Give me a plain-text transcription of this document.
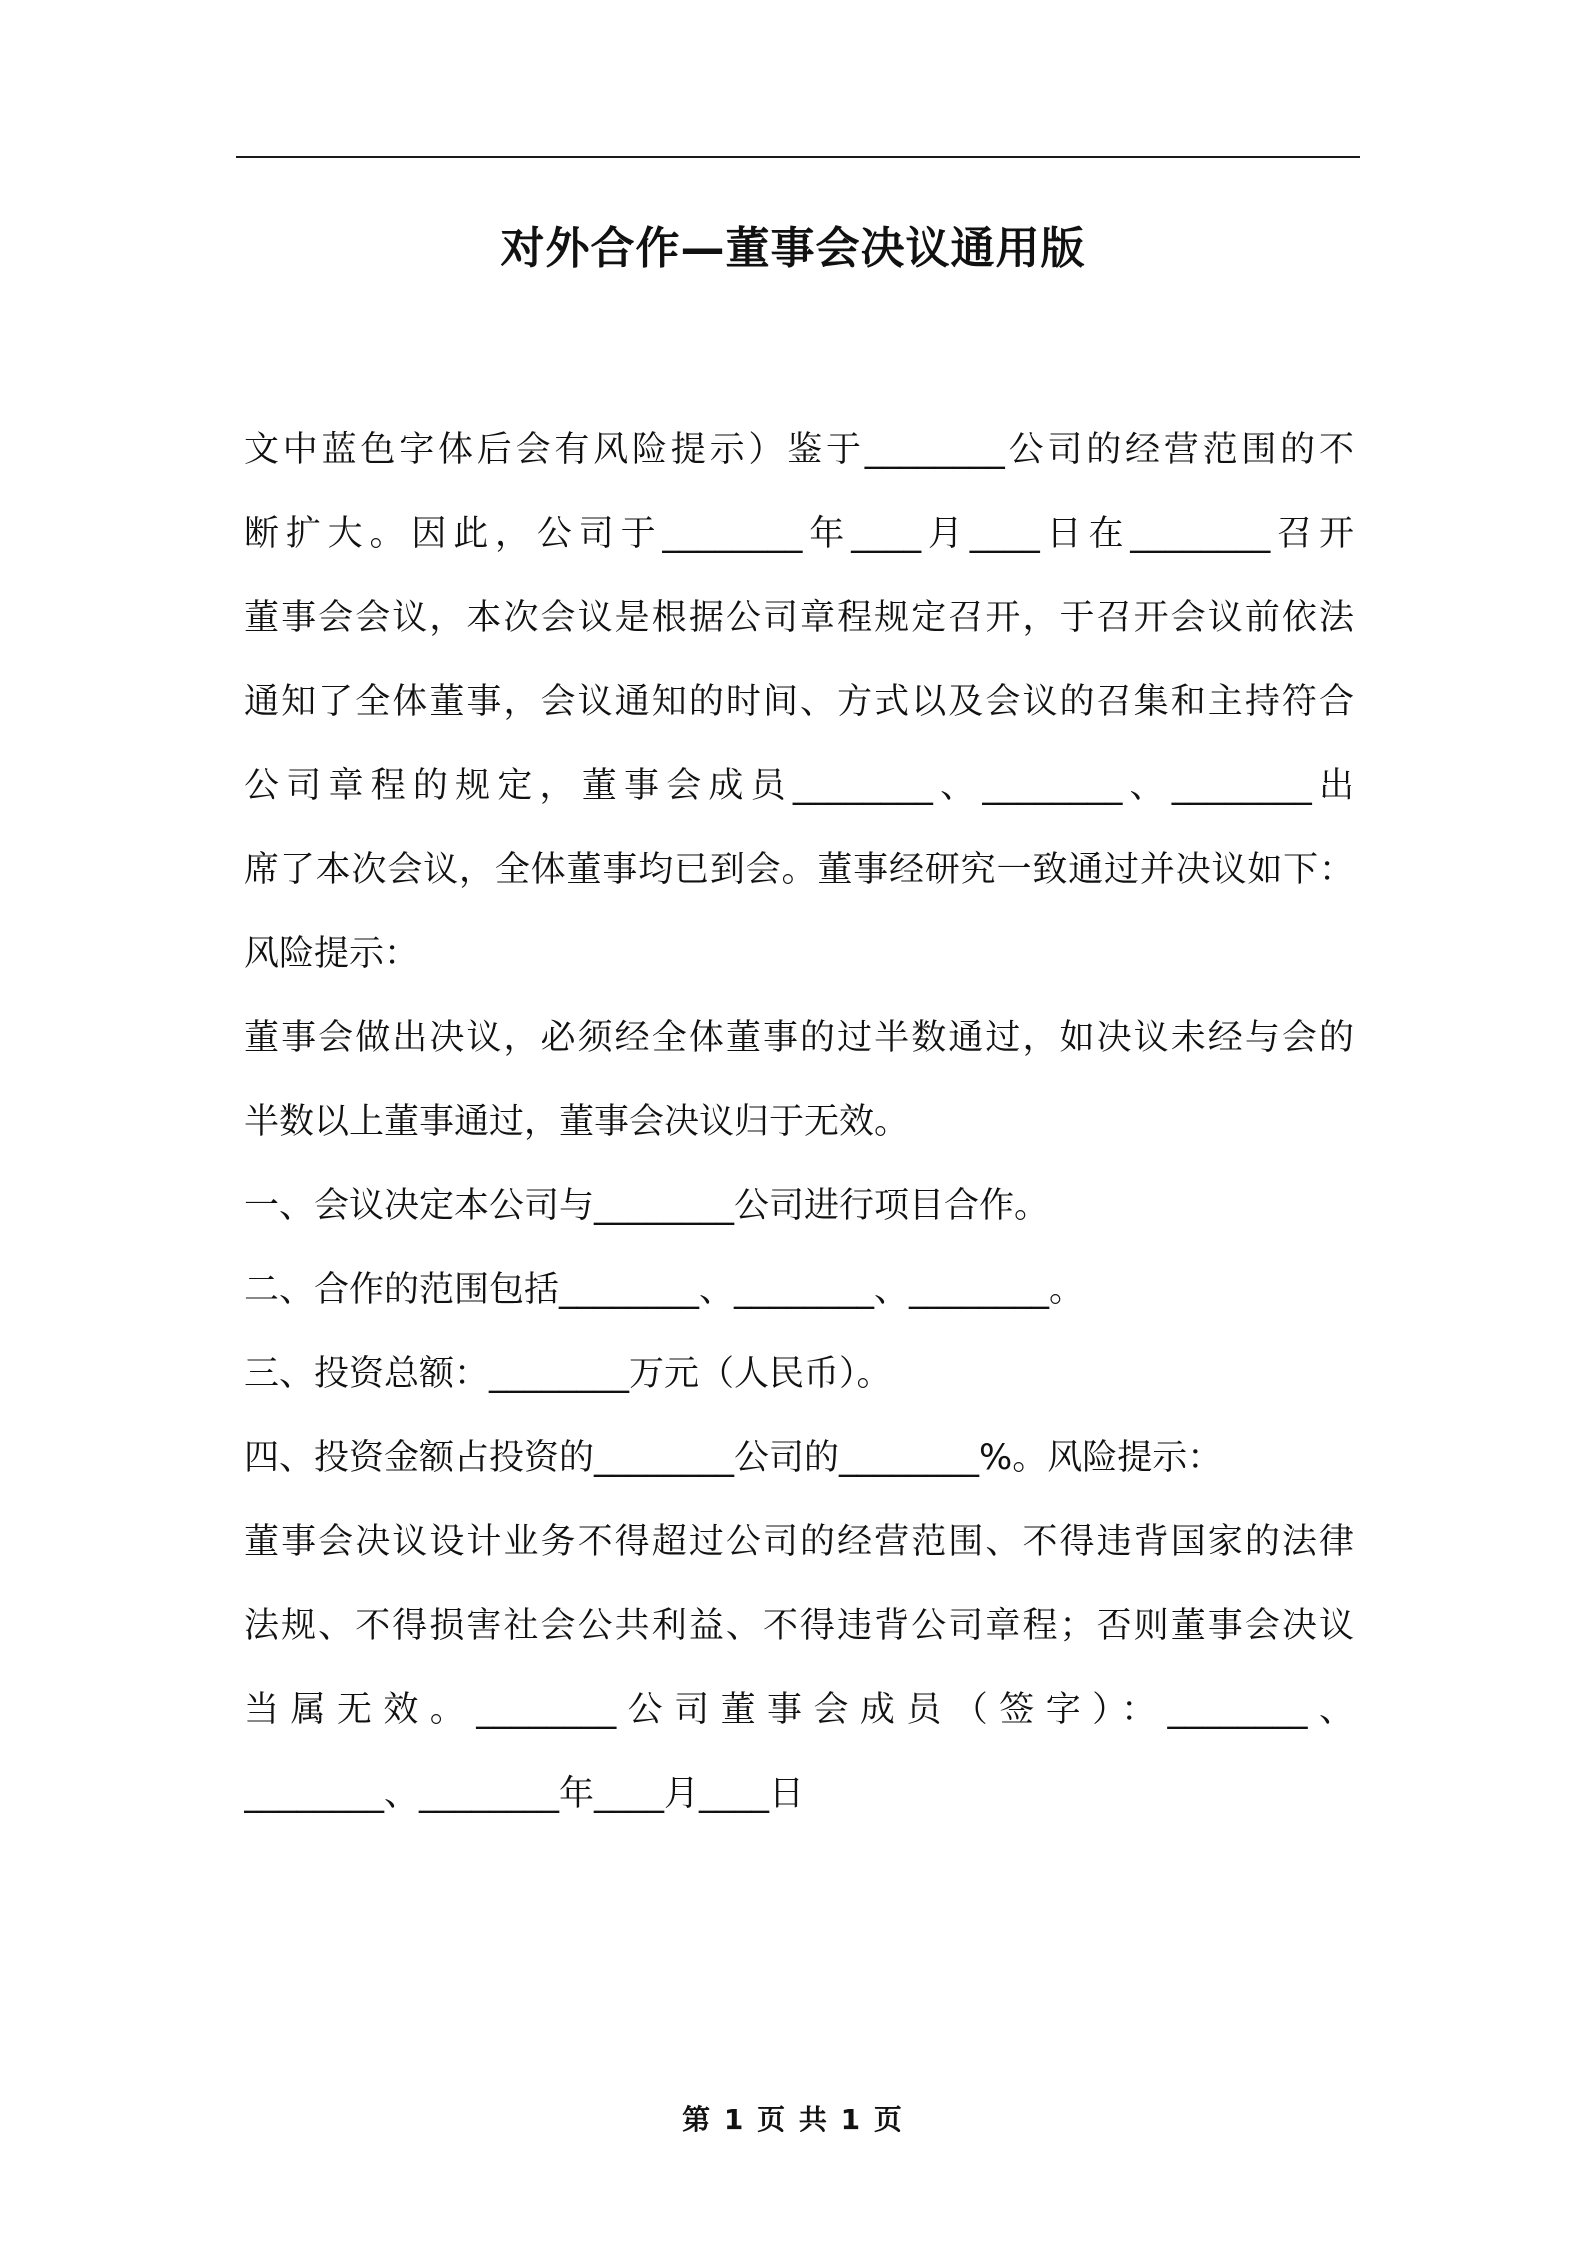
对外合作—董事会决议通用版
文中蓝色字体后会有风险提示）鉴于________公司的经营范围的不
断扩大。因此，公司于________年____月____日在________召开
董事会会议，本次会议是根据公司章程规定召开，于召开会议前依法
通知了全体董事，会议通知的时间、方式以及会议的召集和主持符合
公司章程的规定，董事会成员________、________、________出
席了本次会议，全体董事均已到会。董事经研究一致通过并决议如下：
风险提示：
董事会做出决议，必须经全体董事的过半数通过，如决议未经与会的
半数以上董事通过，董事会决议归于无效。
一、会议决定本公司与________公司进行项目合作。
二、合作的范围包括________、________、________。
三、投资总额：________万元（人民币）。
四、投资金额占投资的________公司的________%。风险提示：
董事会决议设计业务不得超过公司的经营范围、不得违背国家的法律
法规、不得损害社会公共利益、不得违背公司章程；否则董事会决议
当属无效。________公司董事会成员（签字）：________、
________、________年____月____日
第 1 页 共 1 页
